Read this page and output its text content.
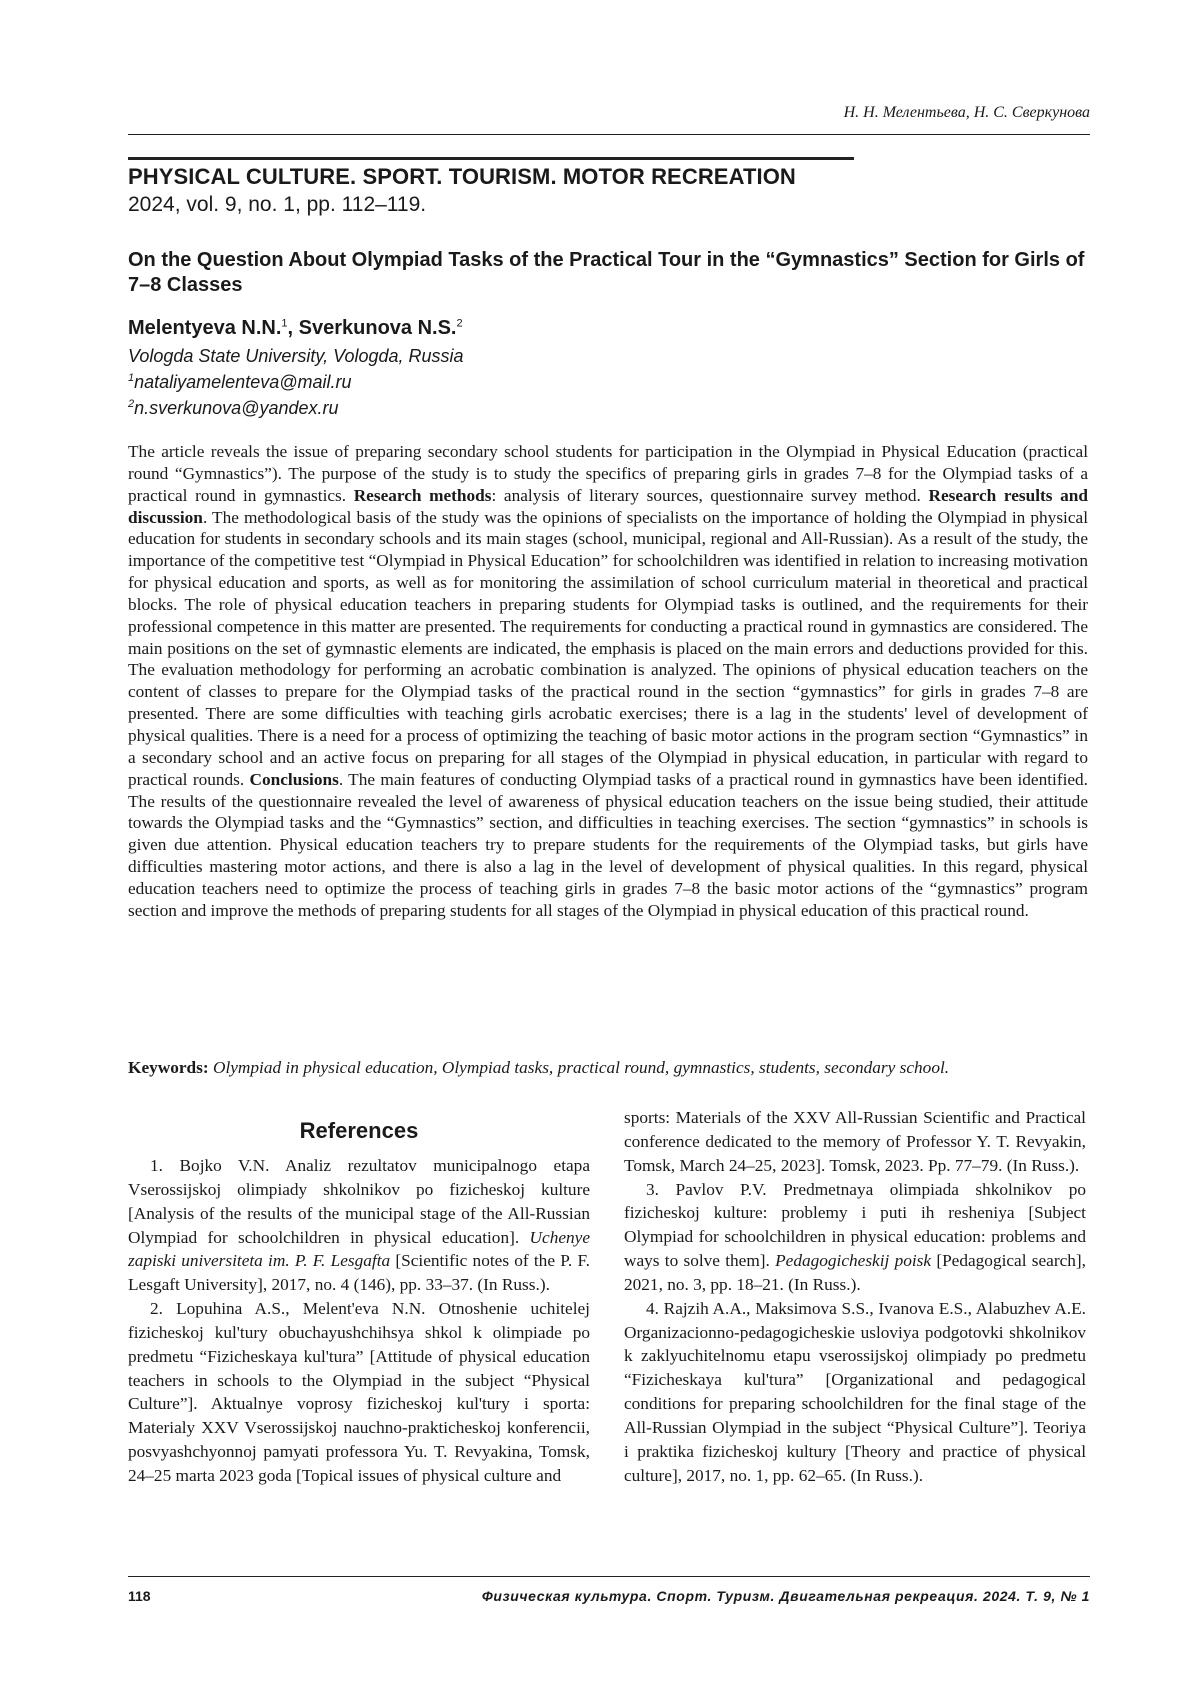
Н. Н. Мелентьева, Н. С. Сверкунова
PHYSICAL CULTURE. SPORT. TOURISM. MOTOR RECREATION
2024, vol. 9, no. 1, pp. 112–119.
On the Question About Olympiad Tasks of the Practical Tour in the “Gymnastics” Section for Girls of 7–8 Classes
Melentyeva N.N.$^1$, Sverkunova N.S.$^2$
Vologda State University, Vologda, Russia
$^1$nataliyamelenteva@mail.ru
$^2$n.sverkunova@yandex.ru
The article reveals the issue of preparing secondary school students for participation in the Olympiad in Physical Education (practical round “Gymnastics”). The purpose of the study is to study the specifics of preparing girls in grades 7–8 for the Olympiad tasks of a practical round in gymnastics. Research methods: analysis of literary sources, questionnaire survey method. Research results and discussion. The methodological basis of the study was the opinions of specialists on the importance of holding the Olympiad in physical education for students in secondary schools and its main stages (school, municipal, regional and All-Russian). As a result of the study, the importance of the competitive test “Olympiad in Physical Education” for schoolchildren was identified in relation to increasing motivation for physical education and sports, as well as for monitoring the assimilation of school curriculum material in theoretical and practical blocks. The role of physical education teachers in preparing students for Olympiad tasks is outlined, and the requirements for their professional competence in this matter are presented. The requirements for conducting a practical round in gymnastics are considered. The main positions on the set of gymnastic elements are indicated, the emphasis is placed on the main errors and deductions provided for this. The evaluation methodology for performing an acrobatic combination is analyzed. The opinions of physical education teachers on the content of classes to prepare for the Olympiad tasks of the practical round in the section “gymnastics” for girls in grades 7–8 are presented. There are some difficulties with teaching girls acrobatic exercises; there is a lag in the students' level of development of physical qualities. There is a need for a process of optimizing the teaching of basic motor actions in the program section “Gymnastics” in a secondary school and an active focus on preparing for all stages of the Olympiad in physical education, in particular with regard to practical rounds. Conclusions. The main features of conducting Olympiad tasks of a practical round in gymnastics have been identified. The results of the questionnaire revealed the level of awareness of physical education teachers on the issue being studied, their attitude towards the Olympiad tasks and the “Gymnastics” section, and difficulties in teaching exercises. The section “gymnastics” in schools is given due attention. Physical education teachers try to prepare students for the requirements of the Olympiad tasks, but girls have difficulties mastering motor actions, and there is also a lag in the level of development of physical qualities. In this regard, physical education teachers need to optimize the process of teaching girls in grades 7–8 the basic motor actions of the “gymnastics” program section and improve the methods of preparing students for all stages of the Olympiad in physical education of this practical round.
Keywords: Olympiad in physical education, Olympiad tasks, practical round, gymnastics, students, secondary school.
References

1. Bojko V.N. Analiz rezultatov municipalnogo etapa Vserossijskoj olimpiady shkolnikov po fizicheskoj kulture [Analysis of the results of the municipal stage of the All-Russian Olympiad for schoolchildren in physical education]. Uchenye zapiski universiteta im. P. F. Lesgafta [Scientific notes of the P. F. Lesgaft University], 2017, no. 4 (146), pp. 33–37. (In Russ.).

2. Lopuhina A.S., Melent'eva N.N. Otnoshenie uchitelej fizicheskoj kul'tury obuchayushchihsya shkol k olimpiade po predmetu “Fizicheskaya kul'tura” [Attitude of physical education teachers in schools to the Olympiad in the subject “Physical Culture”]. Aktualnye voprosy fizicheskoj kul'tury i sporta: Materialy XXV Vserossijskoj nauchno-prakticheskoj konferencii, posvyashchyonnoj pamyati professora Yu. T. Revyakina, Tomsk, 24–25 marta 2023 goda [Topical issues of physical culture and

sports: Materials of the XXV All-Russian Scientific and Practical conference dedicated to the memory of Professor Y. T. Revyakin, Tomsk, March 24–25, 2023]. Tomsk, 2023. Pp. 77–79. (In Russ.).

3. Pavlov P.V. Predmetnaya olimpiada shkolnikov po fizicheskoj kulture: problemy i puti ih resheniya [Subject Olympiad for schoolchildren in physical education: problems and ways to solve them]. Pedagogicheskij poisk [Pedagogical search], 2021, no. 3, pp. 18–21. (In Russ.).

4. Rajzih A.A., Maksimova S.S., Ivanova E.S., Alabuzhev A.E. Organizacionno-pedagogicheskie usloviya podgotovki shkolnikov k zaklyuchitelnomu etapu vserossijskoj olimpiady po predmetu “Fizicheskaya kul'tura” [Organizational and pedagogical conditions for preparing schoolchildren for the final stage of the All-Russian Olympiad in the subject “Physical Culture”]. Teoriya i praktika fizicheskoj kultury [Theory and practice of physical culture], 2017, no. 1, pp. 62–65. (In Russ.).

118	Физическая культура. Спорт. Туризм. Двигательная рекреация. 2024. Т. 9, № 1
